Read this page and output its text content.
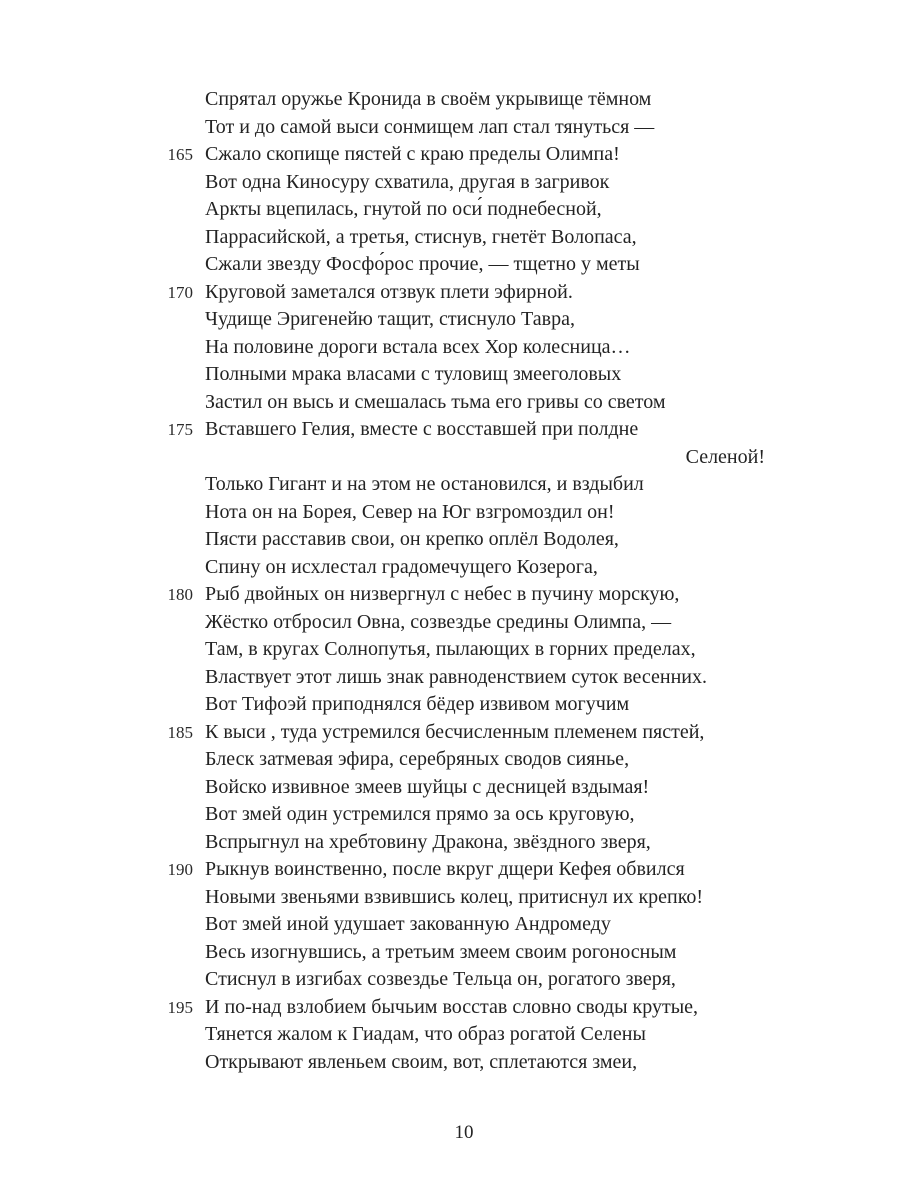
Спрятал оружье Кронида в своём укрывище тёмном
Тот и до самой выси сонмищем лап стал тянуться —
165 Сжало скопище пястей с краю пределы Олимпа!
Вот одна Киносуру схватила, другая в загривок
Аркты вцепилась, гнутой по оси́ поднебесной,
Паррасийской, а третья, стиснув, гнетёт Волопаса,
Сжали звезду Фосфо́рос прочие, — тщетно у меты
170 Круговой заметался отзвук плети эфирной.
Чудище Эригенейю тащит, стиснуло Тавра,
На половине дороги встала всех Хор колесница…
Полными мрака власами с туловищ змееголовых
Застил он высь и смешалась тьма его гривы со светом
175 Вставшего Гелия, вместе с восставшей при полдне
Селеной!
Только Гигант и на этом не остановился, и вздыбил
Нота он на Борея, Север на Юг взгромоздил он!
Пясти расставив свои, он крепко оплёл Водолея,
Спину он исхлестал градомечущего Козерога,
180 Рыб двойных он низвергнул с небес в пучину морскую,
Жёстко отбросил Овна, созвездье средины Олимпа, —
Там, в кругах Солнопутья, пылающих в горних пределах,
Властвует этот лишь знак равноденствием суток весенних.
Вот Тифоэй приподнялся бёдер извивом могучим
185 К выси , туда устремился бесчисленным племенем пястей,
Блеск затмевая эфира, серебряных сводов сиянье,
Войско извивное змеев шуйцы с десницей вздымая!
Вот змей один устремился прямо за ось круговую,
Вспрыгнул на хребтовину Дракона, звёздного зверя,
190 Рыкнув воинственно, после вкруг дщери Кефея обвился
Новыми звеньями взвившись колец, притиснул их крепко!
Вот змей иной удушает закованную Андромеду
Весь изогнувшись, а третьим змеем своим рогоносным
Стиснул в изгибах созвездье Тельца он, рогатого зверя,
195 И по-над взлобием бычьим восстав словно своды крутые,
Тянется жалом к Гиадам, что образ рогатой Селены
Открывают явленьем своим, вот, сплетаются змеи,
10
